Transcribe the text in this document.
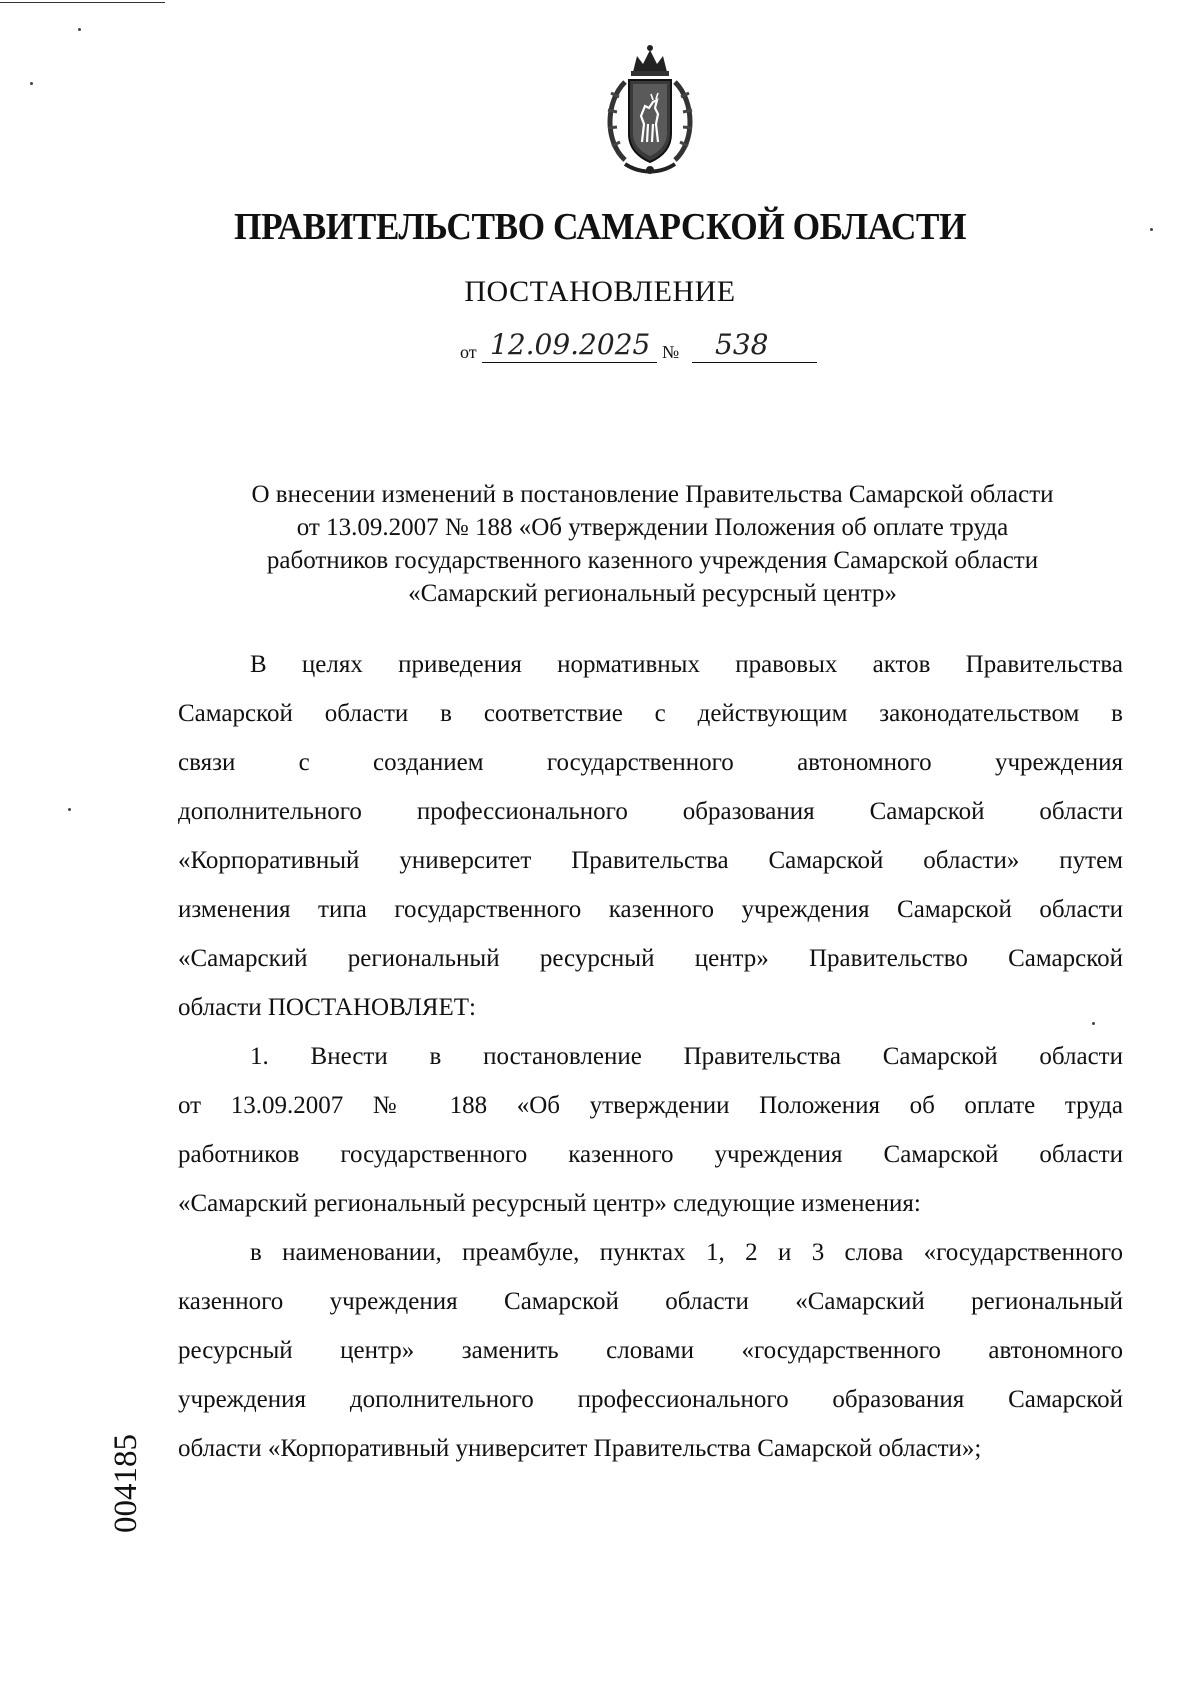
ПРАВИТЕЛЬСТВО САМАРСКОЙ ОБЛАСТИ
ПОСТАНОВЛЕНИЕ
от 12.09.2025 № 538
О внесении изменений в постановление Правительства Самарской области
от 13.09.2007 № 188 «Об утверждении Положения об оплате труда
работников государственного казенного учреждения Самарской области
«Самарский региональный ресурсный центр»
В целях приведения нормативных правовых актов Правительства
Самарской области в соответствие с действующим законодательством в
связи с созданием государственного автономного учреждения
дополнительного профессионального образования Самарской области
«Корпоративный университет Правительства Самарской области» путем
изменения типа государственного казенного учреждения Самарской области
«Самарский региональный ресурсный центр» Правительство Самарской
области ПОСТАНОВЛЯЕТ:
1. Внести в постановление Правительства Самарской области
от 13.09.2007 № 188 «Об утверждении Положения об оплате труда
работников государственного казенного учреждения Самарской области
«Самарский региональный ресурсный центр» следующие изменения:
в наименовании, преамбуле, пунктах 1, 2 и 3 слова «государственного
казенного учреждения Самарской области «Самарский региональный
ресурсный центр» заменить словами «государственного автономного
учреждения дополнительного профессионального образования Самарской
области «Корпоративный университет Правительства Самарской области»;
004185
